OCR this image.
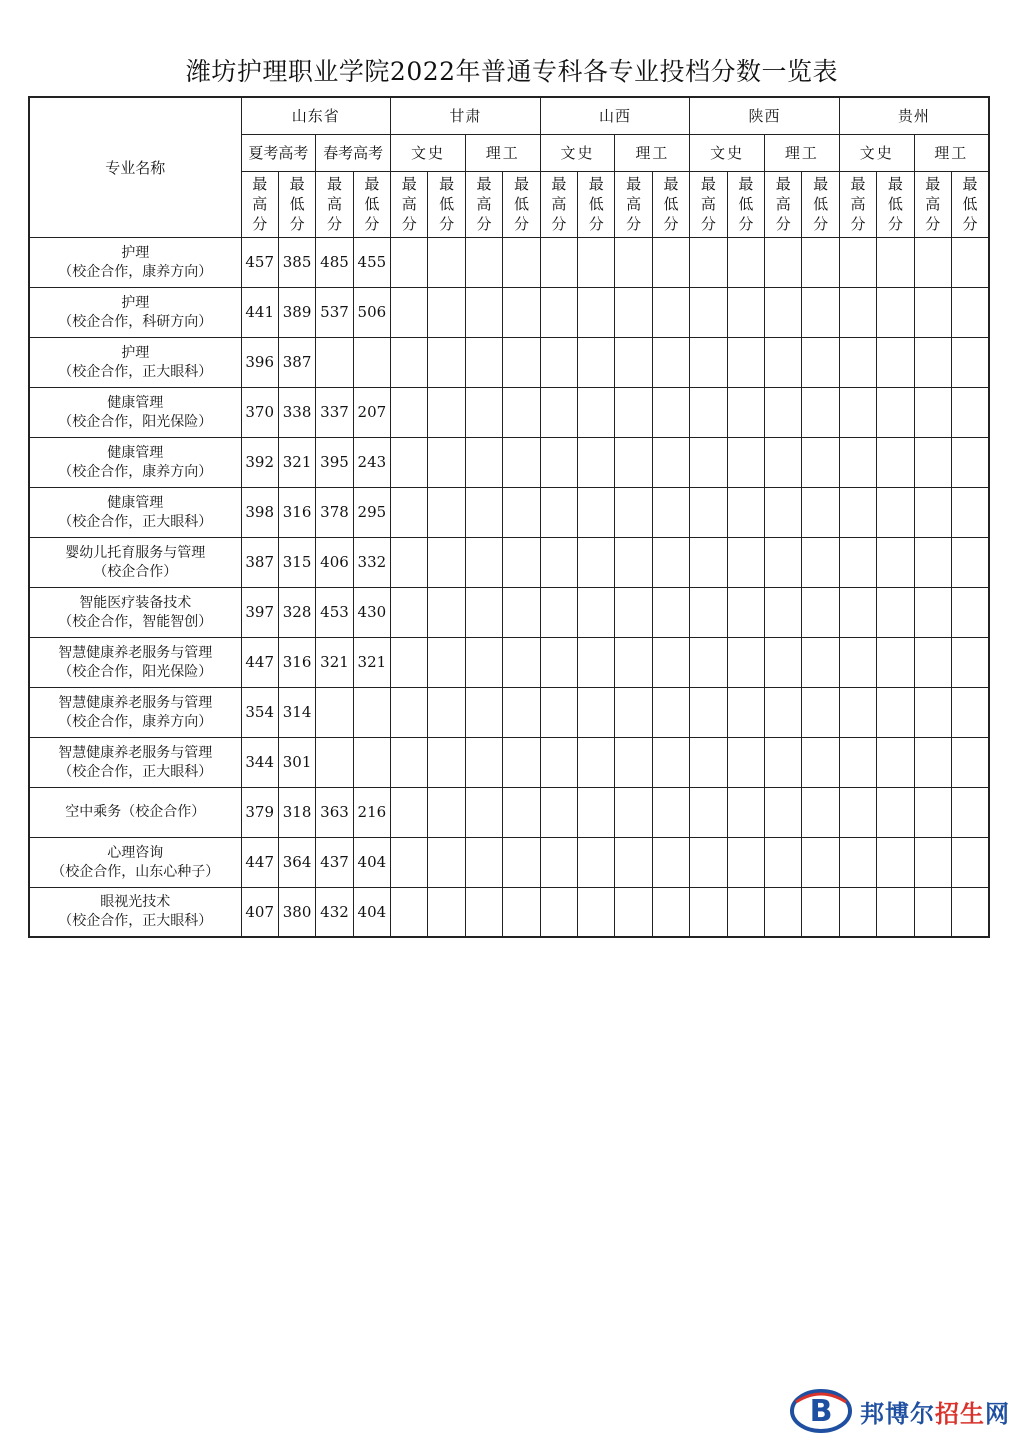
潍坊护理职业学院2022年普通专科各专业投档分数一览表
专业名称	山东省				甘肃				山西				陕西				贵州			
	夏考高考		春考高考		文史		理工		文史		理工		文史		理工		文史		理工	
	最高分	最低分	最高分	最低分	最高分	最低分	最高分	最低分	最高分	最低分	最高分	最低分	最高分	最低分	最高分	最低分	最高分	最低分	最高分	最低分
护理
（校企合作，康养方向）	457	385	485	455																
护理
（校企合作，科研方向）	441	389	537	506																
护理
（校企合作，正大眼科）	396	387																		
健康管理
（校企合作，阳光保险）	370	338	337	207																
健康管理
（校企合作，康养方向）	392	321	395	243																
健康管理
（校企合作，正大眼科）	398	316	378	295																
婴幼儿托育服务与管理
（校企合作）	387	315	406	332																
智能医疗装备技术
（校企合作，智能智创）	397	328	453	430																
智慧健康养老服务与管理
（校企合作，阳光保险）	447	316	321	321																
智慧健康养老服务与管理
（校企合作，康养方向）	354	314																		
智慧健康养老服务与管理
（校企合作，正大眼科）	344	301																		
空中乘务（校企合作）	379	318	363	216																
心理咨询
（校企合作，山东心种子）	447	364	437	404																
眼视光技术
（校企合作，正大眼科）	407	380	432	404																
B 邦博尔招生网
